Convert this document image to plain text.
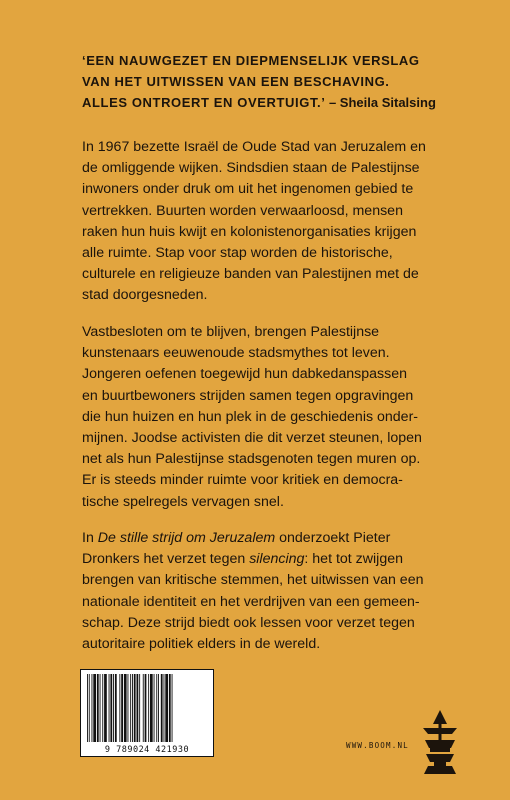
‘EEN NAUWGEZET EN DIEPMENSELIJK VERSLAG
VAN HET UITWISSEN VAN EEN BESCHAVING.
ALLES ONTROERT EN OVERTUIGT.’ – Sheila Sitalsing
In 1967 bezette Israël de Oude Stad van Jeruzalem en
de omliggende wijken. Sindsdien staan de Palestijnse
inwoners onder druk om uit het ingenomen gebied te
vertrekken. Buurten worden verwaarloosd, mensen
raken hun huis kwijt en kolonistenorganisaties krijgen
alle ruimte. Stap voor stap worden de historische,
culturele en religieuze banden van Palestijnen met de
stad doorgesneden.
Vastbesloten om te blijven, brengen Palestijnse
kunstenaars eeuwenoude stadsmythes tot leven.
Jongeren oefenen toegewijd hun dabkedanspassen
en buurtbewoners strijden samen tegen opgravingen
die hun huizen en hun plek in de geschiedenis onder-
mijnen. Joodse activisten die dit verzet steunen, lopen
net als hun Palestijnse stadsgenoten tegen muren op.
Er is steeds minder ruimte voor kritiek en democra-
tische spelregels vervagen snel.
In De stille strijd om Jeruzalem onderzoekt Pieter
Dronkers het verzet tegen silencing: het tot zwijgen
brengen van kritische stemmen, het uitwissen van een
nationale identiteit en het verdrijven van een gemeen-
schap. Deze strijd biedt ook lessen voor verzet tegen
autoritaire politiek elders in de wereld.
9 789024 421930	WWW.BOOM.NL
